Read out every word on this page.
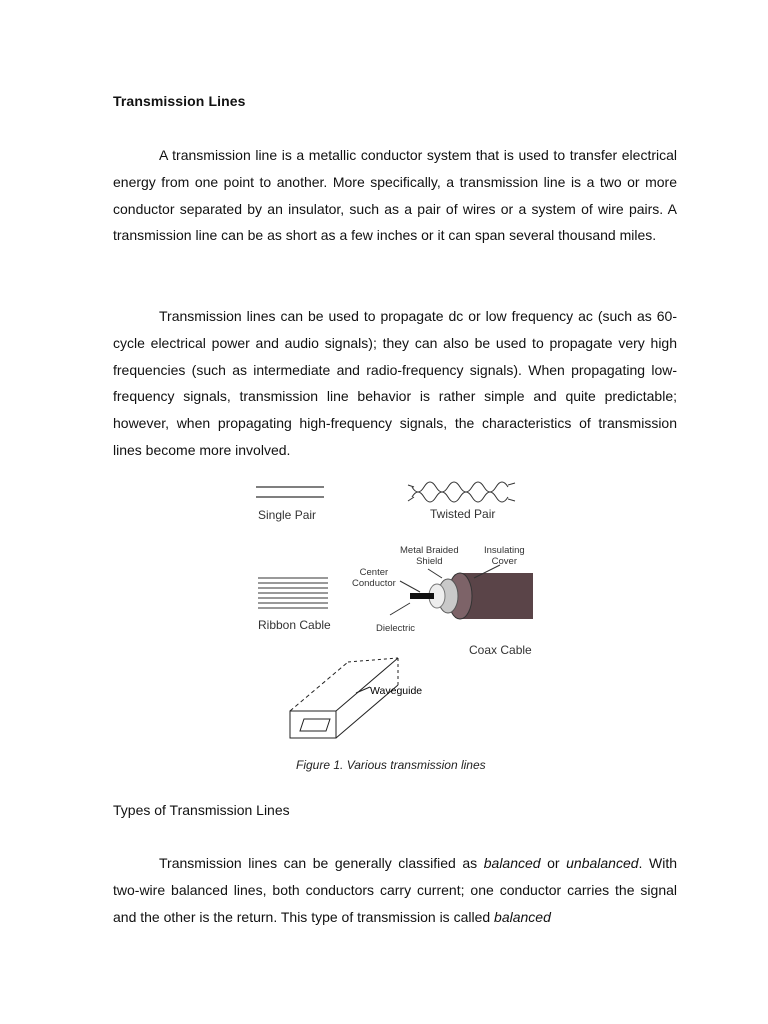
Transmission Lines

A transmission line is a metallic conductor system that is used to transfer electrical energy from one point to another. More specifically, a transmission line is a two or more conductor separated by an insulator, such as a pair of wires or a system of wire pairs. A transmission line can be as short as a few inches or it can span several thousand miles.

Transmission lines can be used to propagate dc or low frequency ac (such as 60-cycle electrical power and audio signals); they can also be used to propagate very high frequencies (such as intermediate and radio-frequency signals). When propagating low-frequency signals, transmission line behavior is rather simple and quite predictable; however, when propagating high-frequency signals, the characteristics of transmission lines become more involved.

Single Pair	Twisted Pair
Ribbon Cable
Coax Cable
Waveguide
Metal Braided
Shield
Insulating
Cover
Center
Conductor
Dielectric
Figure 1. Various transmission lines
Types of Transmission Lines

Transmission lines can be generally classified as balanced or unbalanced. With two-wire balanced lines, both conductors carry current; one conductor carries the signal and the other is the return. This type of transmission is called balanced
